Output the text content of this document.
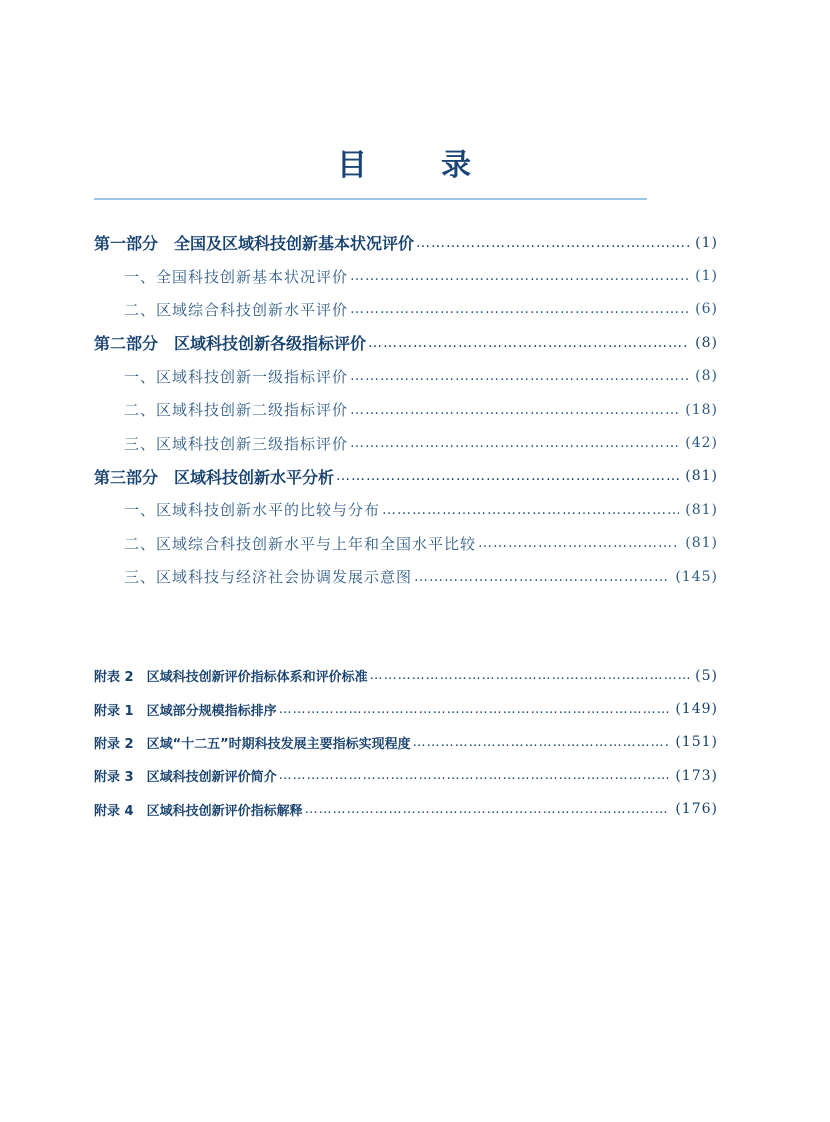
目　录
第一部分　全国及区域科技创新基本状况评价 …………………………………………………………………………………………………………	(1)
一、全国科技创新基本状况评价 …………………………………………………………………………………………………………	(1)
二、区域综合科技创新水平评价 …………………………………………………………………………………………………………	(6)
第二部分　区域科技创新各级指标评价 …………………………………………………………………………………………………………	(8)
一、区域科技创新一级指标评价 …………………………………………………………………………………………………………	(8)
二、区域科技创新二级指标评价 …………………………………………………………………………………………………………	(18)
三、区域科技创新三级指标评价 …………………………………………………………………………………………………………	(42)
第三部分　区域科技创新水平分析 …………………………………………………………………………………………………………	(81)
一、区域科技创新水平的比较与分布 …………………………………………………………………………………………………………	(81)
二、区域综合科技创新水平与上年和全国水平比较 …………………………………………………………………………………………………………	(81)
三、区域科技与经济社会协调发展示意图 …………………………………………………………………………………………………………	(145)
附表 2　区域科技创新评价指标体系和评价标准 …………………………………………………………………………………………………………	(5)
附录 1　区域部分规模指标排序 …………………………………………………………………………………………………………	(149)
附录 2　区域“十二五”时期科技发展主要指标实现程度 …………………………………………………………………………………………………………	(151)
附录 3　区域科技创新评价简介 …………………………………………………………………………………………………………	(173)
附录 4　区域科技创新评价指标解释 …………………………………………………………………………………………………………	(176)
